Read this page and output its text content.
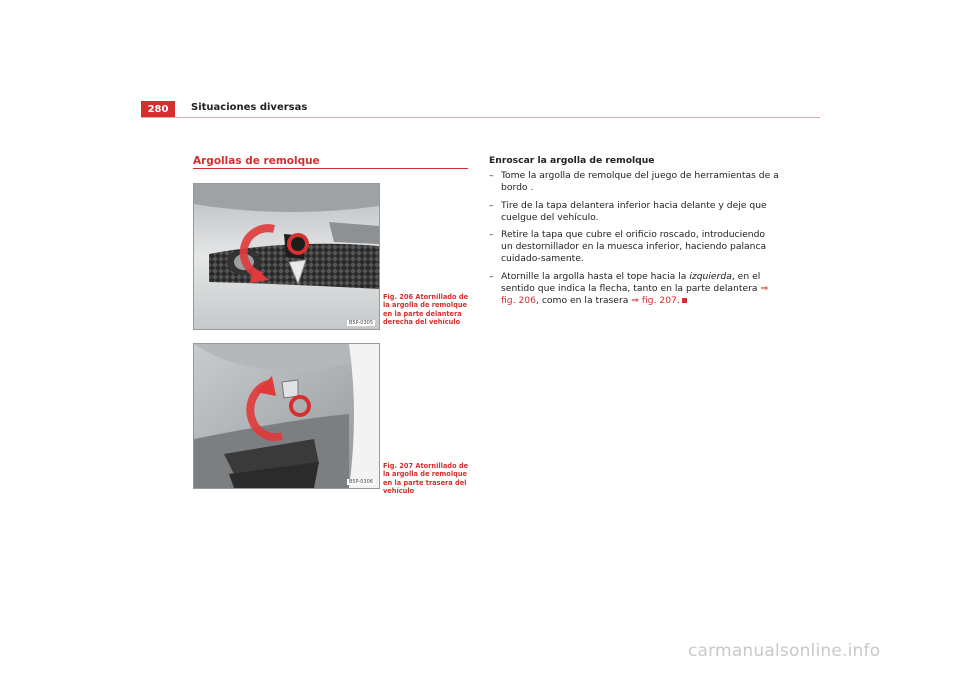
280	Situaciones diversas
Argollas de remolque
B5P-0305
Fig. 206 Atornillado de la argolla de remolque en la parte delantera derecha del vehículo
B5P-0306
Fig. 207 Atornillado de la argolla de remolque en la parte trasera del vehículo
Enroscar la argolla de remolque
– Tome la argolla de remolque del juego de herramientas de a bordo .
– Tire de la tapa delantera inferior hacia delante y deje que cuelgue del vehículo.
– Retire la tapa que cubre el orificio roscado, introduciendo un destornillador en la muesca inferior, haciendo palanca cuidado-samente.
– Atornille la argolla hasta el tope hacia la izquierda, en el sentido que indica la flecha, tanto en la parte delantera ⇒ fig. 206, como en la trasera ⇒ fig. 207.
carmanualsonline.info
